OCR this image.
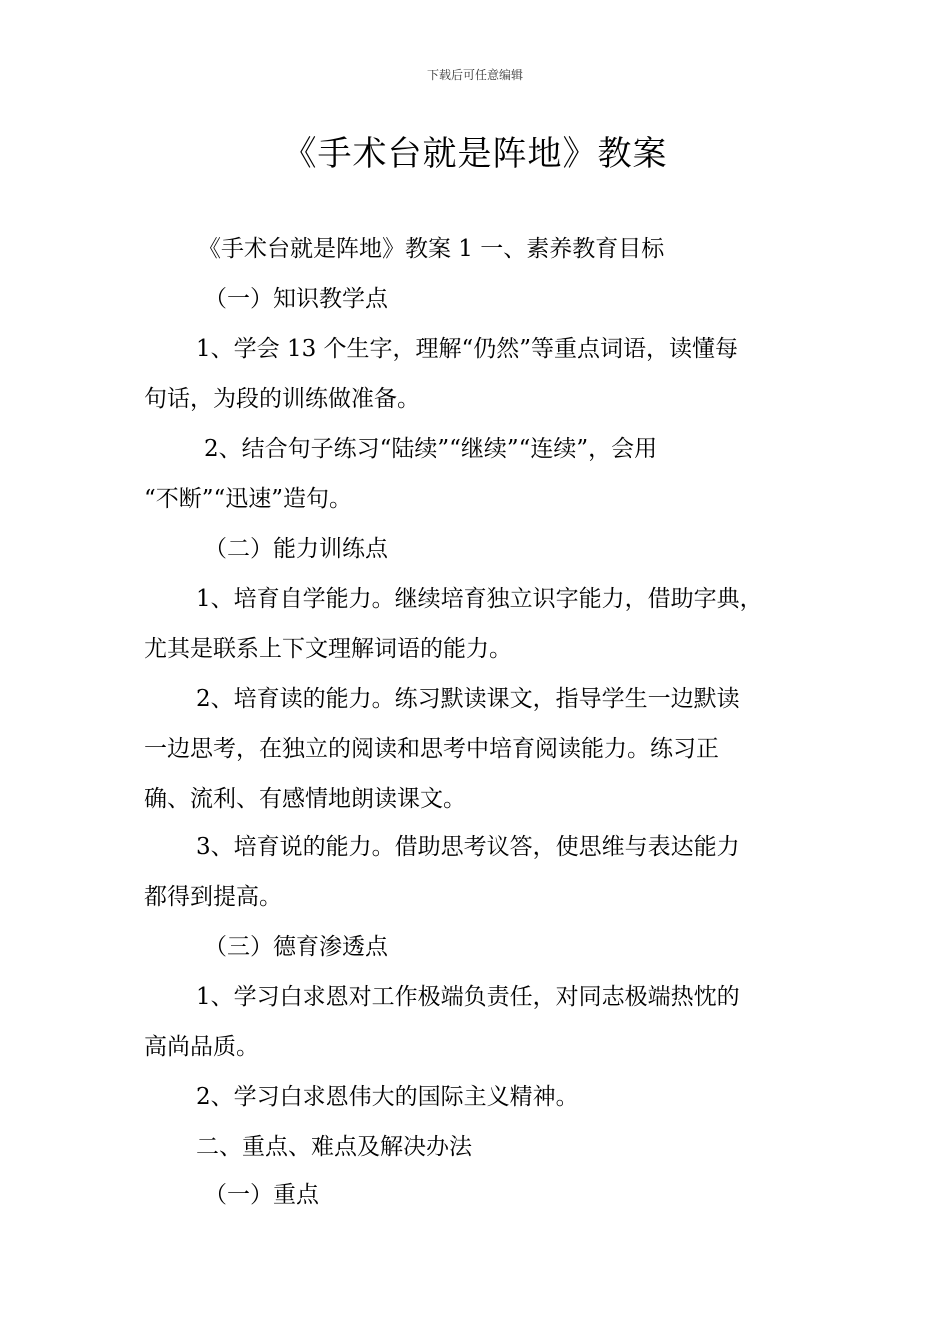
下载后可任意编辑
《手术台就是阵地》教案
《手术台就是阵地》教案 1 一、素养教育目标
（一）知识教学点
1、学会 13 个生字，理解“仍然”等重点词语，读懂每
句话，为段的训练做准备。
2、结合句子练习“陆续”“继续”“连续”，会用
“不断”“迅速”造句。
（二）能力训练点
1、培育自学能力。继续培育独立识字能力，借助字典，
尤其是联系上下文理解词语的能力。
2、培育读的能力。练习默读课文，指导学生一边默读
一边思考，在独立的阅读和思考中培育阅读能力。练习正
确、流利、有感情地朗读课文。
3、培育说的能力。借助思考议答，使思维与表达能力
都得到提高。
（三）德育渗透点
1、学习白求恩对工作极端负责任，对同志极端热忱的
高尚品质。
2、学习白求恩伟大的国际主义精神。
二、重点、难点及解决办法
（一）重点
